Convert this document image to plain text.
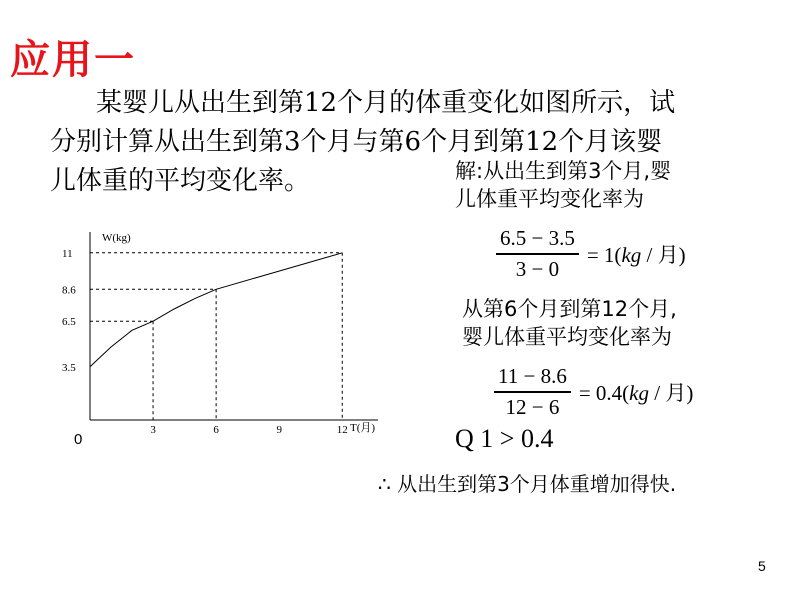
应用一
某婴儿从出生到第12个月的体重变化如图所示，试
分别计算从出生到第3个月与第6个月到第12个月该婴
儿体重的平均变化率。	解:从出生到第3个月,婴
儿体重平均变化率为
$\frac{6.5 - 3.5}{3 - 0} = 1(kg$ / 月)
从第6个月到第12个月,
婴儿体重平均变化率为
$\frac{11 - 8.6}{12 - 6} = 0.4(kg$ / 月)
Q 1 > 0.4
∴ 从出生到第3个月体重增加得快.
5
W(kg)
T(月)
0
3	6	9	12
3.5
6.5
8.6
11
